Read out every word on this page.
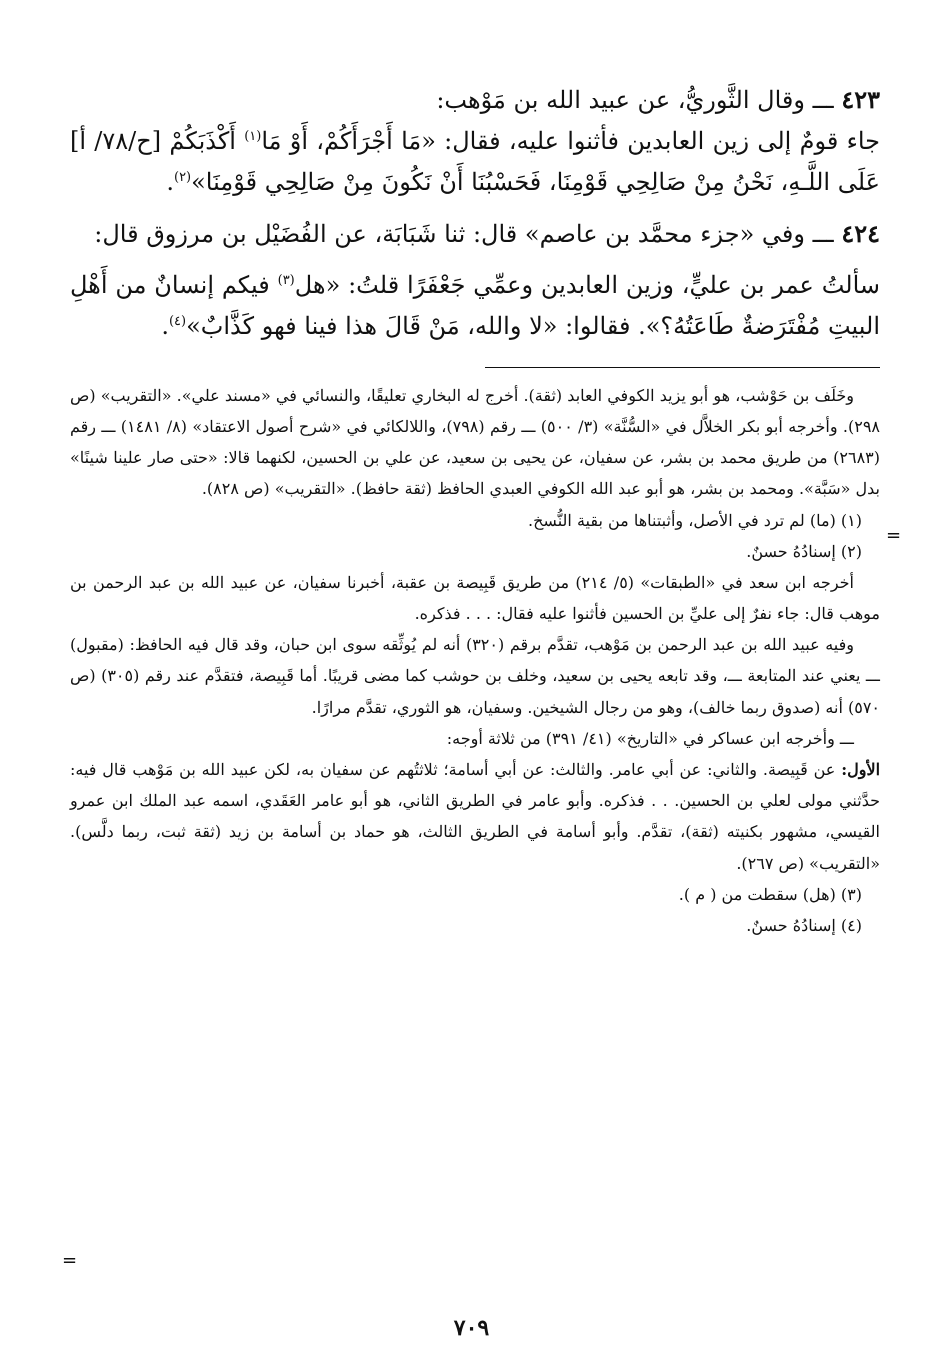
٤٢٣ ـــ وقال الثَّوريُّ، عن عبيد الله بن مَوْهب:

جاء قومٌ إلى زين العابدين فأثنوا عليه، فقال: «مَا أَجْرَأَكُمْ، أَوْ مَا$^{(١)}$ أَكْذَبَكُمْ [ح/٧٨/ أ] عَلَى اللَّـهِ، نَحْنُ مِنْ صَالِحِي قَوْمِنَا، فَحَسْبُنَا أَنْ نَكُونَ مِنْ صَالِحِي قَوْمِنَا»$^{(٢)}$.

٤٢٤ ـــ وفي «جزء محمَّد بن عاصم» قال: ثنا شَبَابَة، عن الفُضَيْل بن مرزوق قال:

سألتُ عمر بن عليٍّ، وزين العابدين وعمِّي جَعْفَرًا قلتُ: «هل$^{(٣)}$ فيكم إنسانٌ من أَهْلِ البيتِ مُفْتَرَضةٌ طَاعَتُهُ؟». فقالوا: «لا والله، مَنْ قَالَ هذا فينا فهو كَذَّابٌ»$^{(٤)}$.

وخَلَف بن حَوْشب، هو أبو يزيد الكوفي العابد (ثقة). أخرج له البخاري تعليقًا، والنسائي في «مسند علي». «التقريب» (ص ٢٩٨). وأخرجه أبو بكر الخلاَّل في «السُّنَّة» (٣/ ٥٠٠) ـــ رقم (٧٩٨)، واللالكائي في «شرح أصول الاعتقاد» (٨/ ١٤٨١) ـــ رقم (٢٦٨٣) من طريق محمد بن بشر، عن سفيان، عن يحيى بن سعيد، عن علي بن الحسين، لكنهما قالا: «حتى صار علينا شينًا» بدل «سَبَّة». ومحمد بن بشر، هو أبو عبد الله الكوفي العبدي الحافظ (ثقة حافظ). «التقريب» (ص ٨٢٨).

(١) (ما) لم ترد في الأصل، وأثبتناها من بقية النُّسخ.

(٢) إسنادُهُ حسنٌ.

أخرجه ابن سعد في «الطبقات» (٥/ ٢١٤) من طريق قَبِيصة بن عقبة، أخبرنا سفيان، عن عبيد الله بن عبد الرحمن بن موهب قال: جاء نفرٌ إلى عليِّ بن الحسين فأثنوا عليه فقال: . . . فذكره.

وفيه عبيد الله بن عبد الرحمن بن مَوْهب، تقدَّم برقم (٣٢٠) أنه لم يُوثِّقه سوى ابن حبان، وقد قال فيه الحافظ: (مقبول) ـــ يعني عند المتابعة ـــ، وقد تابعه يحيى بن سعيد، وخلف بن حوشب كما مضى قريبًا. أما قَبِيصة، فتقدَّم عند رقم (٣٠٥) (ص ٥٧٠) أنه (صدوق ربما خالف)، وهو من رجال الشيخين. وسفيان، هو الثوري، تقدَّم مرارًا.

ـــ وأخرجه ابن عساكر في «التاريخ» (٤١/ ٣٩١) من ثلاثة أوجه:

الأول: عن قَبِيصة. والثاني: عن أبي عامر. والثالث: عن أبي أسامة؛ ثلاثتُهم عن سفيان به، لكن عبيد الله بن مَوْهب قال فيه: حدَّثني مولى لعلي بن الحسين. . . فذكره. وأبو عامر في الطريق الثاني، هو أبو عامر العَقَدي، اسمه عبد الملك ابن عمرو القيسي، مشهور بكنيته (ثقة)، تقدَّم. وأبو أسامة في الطريق الثالث، هو حماد بن أسامة بن زيد (ثقة ثبت، ربما دلَّس). «التقريب» (ص ٢٦٧).

(٣) (هل) سقطت من ( م ).

(٤) إسنادُهُ حسنٌ.

=
=
٧٠٩
